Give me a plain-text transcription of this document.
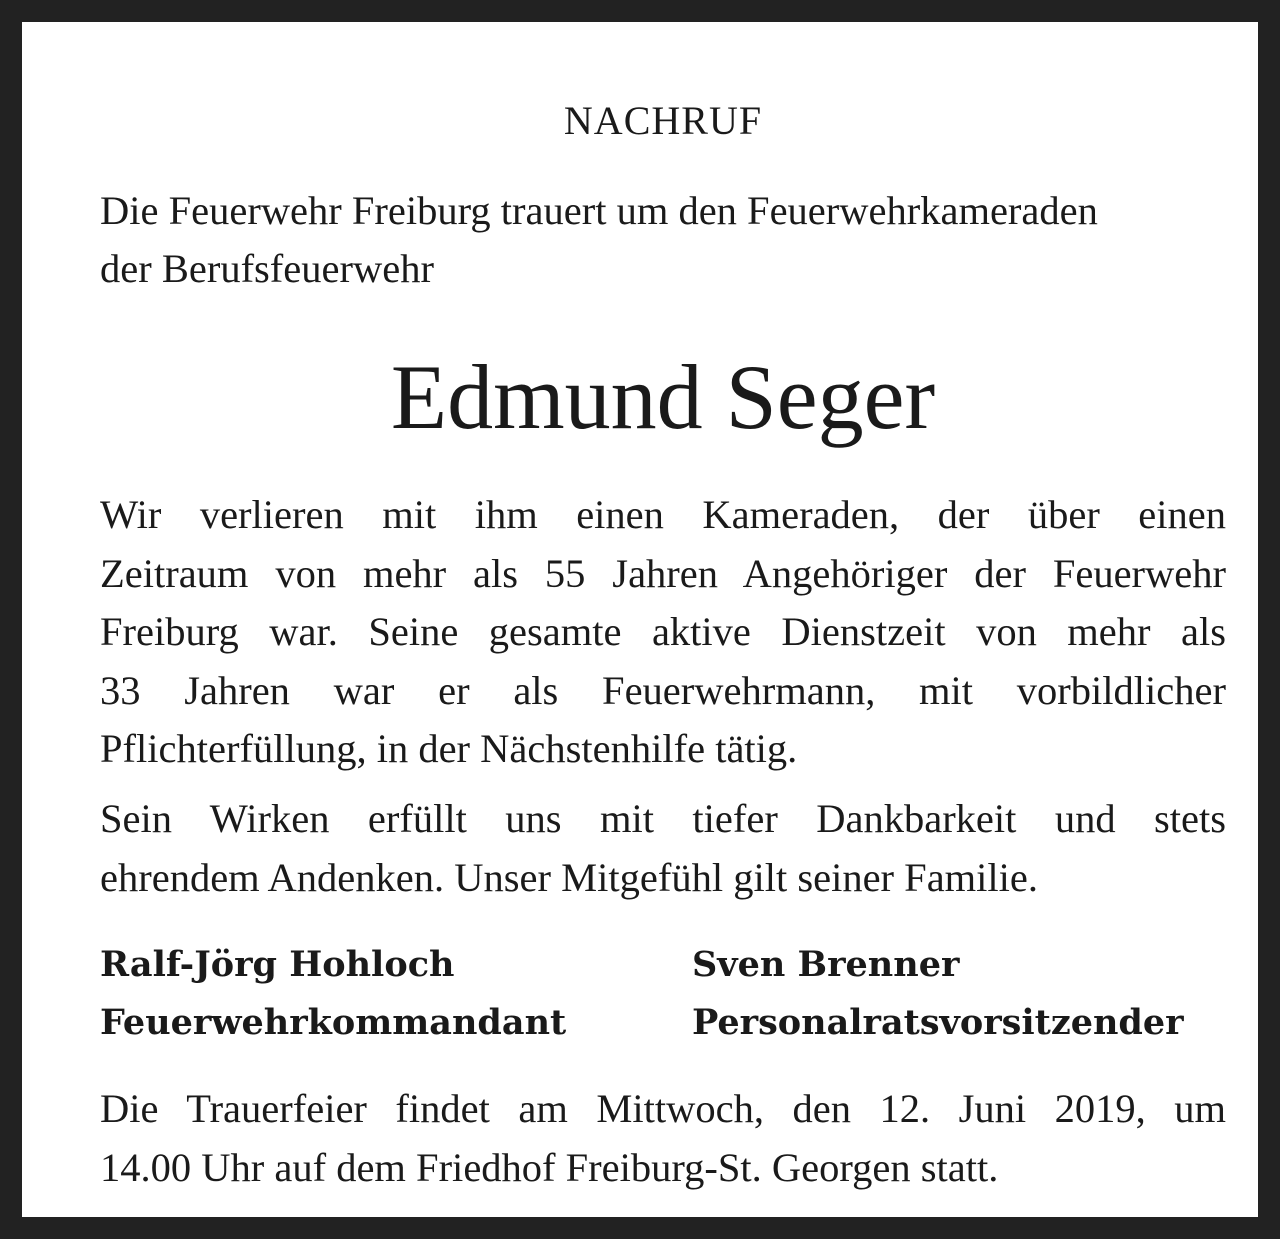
NACHRUF
Die Feuerwehr Freiburg trauert um den Feuerwehrkameraden
der Berufsfeuerwehr
Edmund Seger
Wir verlieren mit ihm einen Kameraden, der über einen
Zeitraum von mehr als 55 Jahren Angehöriger der Feuerwehr
Freiburg war. Seine gesamte aktive Dienstzeit von mehr als
33 Jahren war er als Feuerwehrmann, mit vorbildlicher
Pflichterfüllung, in der Nächstenhilfe tätig.
Sein Wirken erfüllt uns mit tiefer Dankbarkeit und stets
ehrendem Andenken. Unser Mitgefühl gilt seiner Familie.
Ralf-Jörg Hohloch
Feuerwehrkommandant
Sven Brenner
Personalratsvorsitzender
Die Trauerfeier findet am Mittwoch, den 12. Juni 2019, um
14.00 Uhr auf dem Friedhof Freiburg-St. Georgen statt.
